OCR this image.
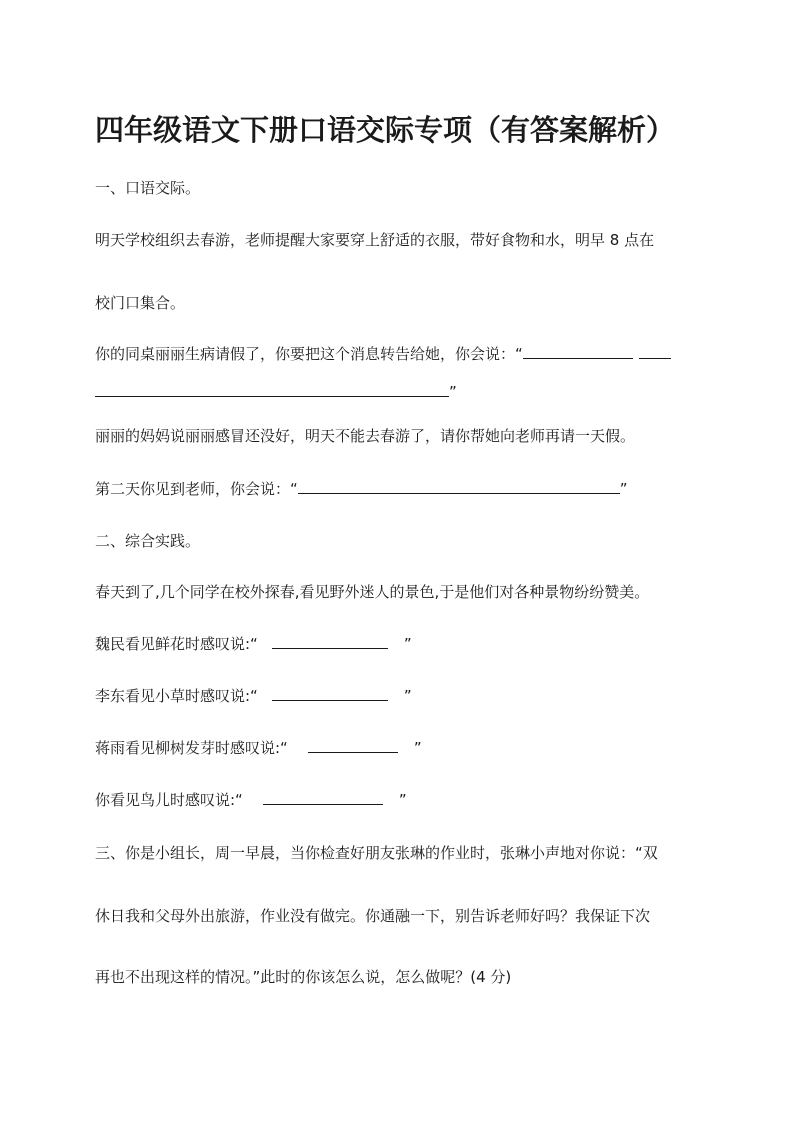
四年级语文下册口语交际专项（有答案解析）
一、口语交际。
明天学校组织去春游，老师提醒大家要穿上舒适的衣服，带好食物和水，明早 8 点在
校门口集合。
你的同桌丽丽生病请假了，你要把这个消息转告给她，你会说：“
”
丽丽的妈妈说丽丽感冒还没好，明天不能去春游了，请你帮她向老师再请一天假。
第二天你见到老师，你会说：“	”
二、综合实践。
春天到了,几个同学在校外探春,看见野外迷人的景色,于是他们对各种景物纷纷赞美。
魏民看见鲜花时感叹说:“	”
李东看见小草时感叹说:“	”
蒋雨看见柳树发芽时感叹说:“	”
你看见鸟儿时感叹说:“	”
三、你是小组长，周一早晨，当你检查好朋友张琳的作业时，张琳小声地对你说：“双
休日我和父母外出旅游，作业没有做完。你通融一下，别告诉老师好吗？我保证下次
再也不出现这样的情况。”此时的你该怎么说，怎么做呢？(4 分)
